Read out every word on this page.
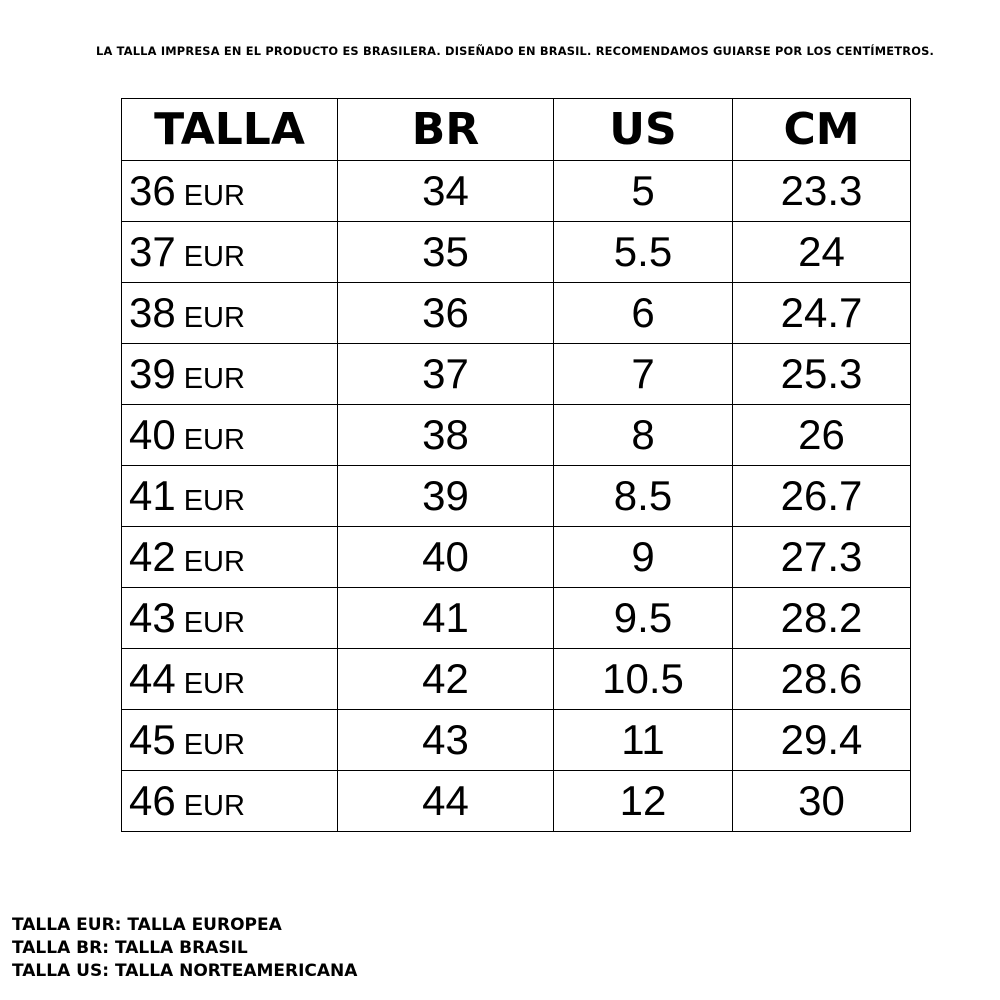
LA TALLA IMPRESA EN EL PRODUCTO ES BRASILERA. DISEÑADO EN BRASIL. RECOMENDAMOS GUIARSE POR LOS CENTÍMETROS.
TALLA	BR	US	CM
36 EUR	34	5	23.3
37 EUR	35	5.5	24
38 EUR	36	6	24.7
39 EUR	37	7	25.3
40 EUR	38	8	26
41 EUR	39	8.5	26.7
42 EUR	40	9	27.3
43 EUR	41	9.5	28.2
44 EUR	42	10.5	28.6
45 EUR	43	11	29.4
46 EUR	44	12	30
TALLA EUR: TALLA EUROPEA
TALLA BR: TALLA BRASIL
TALLA US: TALLA NORTEAMERICANA
